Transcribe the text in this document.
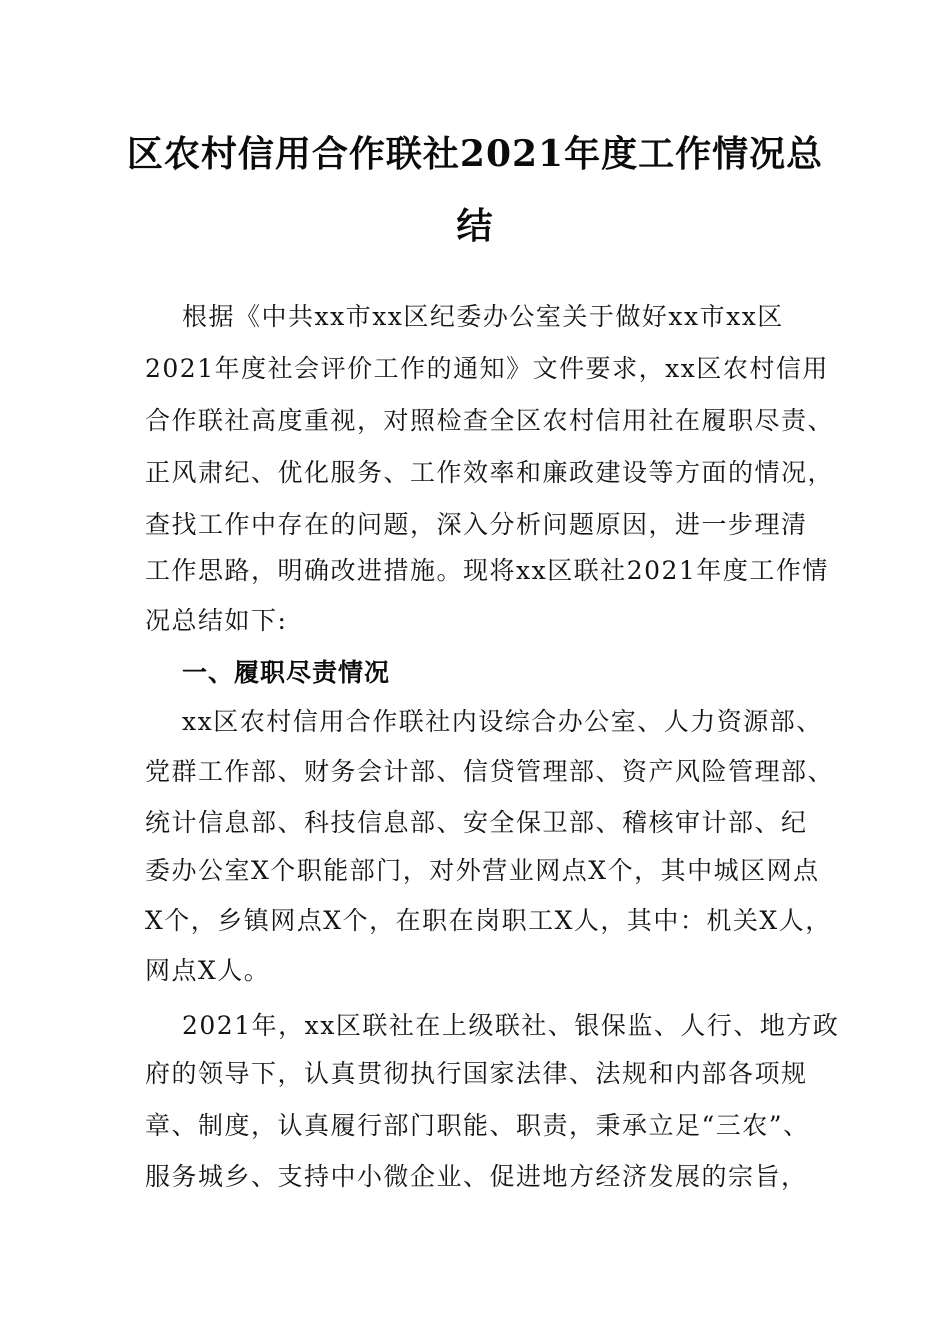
区农村信用合作联社2021年度工作情况总
结
根据《中共xx市xx区纪委办公室关于做好xx市xx区
2021年度社会评价工作的通知》文件要求，xx区农村信用
合作联社高度重视，对照检查全区农村信用社在履职尽责、
正风肃纪、优化服务、工作效率和廉政建设等方面的情况，
查找工作中存在的问题，深入分析问题原因，进一步理清
工作思路，明确改进措施。现将xx区联社2021年度工作情
况总结如下:
一、履职尽责情况
xx区农村信用合作联社内设综合办公室、人力资源部、
党群工作部、财务会计部、信贷管理部、资产风险管理部、
统计信息部、科技信息部、安全保卫部、稽核审计部、纪
委办公室X个职能部门，对外营业网点X个，其中城区网点
X个，乡镇网点X个，在职在岗职工X人，其中：机关X人，
网点X人。
2021年，xx区联社在上级联社、银保监、人行、地方政
府的领导下，认真贯彻执行国家法律、法规和内部各项规
章、制度，认真履行部门职能、职责，秉承立足“三农”、
服务城乡、支持中小微企业、促进地方经济发展的宗旨，
